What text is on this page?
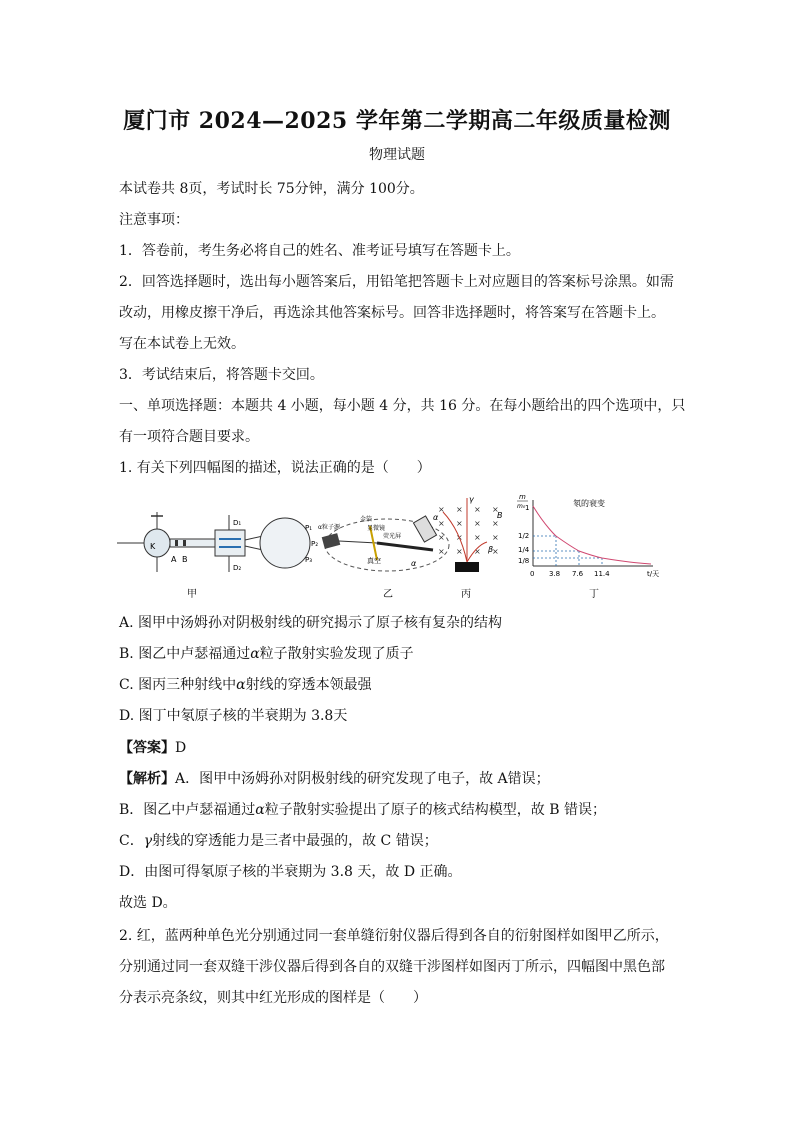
厦门市 2024—2025 学年第二学期高二年级质量检测
物理试题
本试卷共 8页，考试时长 75分钟，满分 100分。
注意事项：
1．答卷前，考生务必将自己的姓名、准考证号填写在答题卡上。
2．回答选择题时，选出每小题答案后，用铅笔把答题卡上对应题目的答案标号涂黑。如需
改动，用橡皮擦干净后，再选涂其他答案标号。回答非选择题时，将答案写在答题卡上。
写在本试卷上无效。
3．考试结束后，将答题卡交回。
一、单项选择题：本题共 4 小题，每小题 4 分，共 16 分。在每小题给出的四个选项中，只
有一项符合题目要求。
1. 有关下列四幅图的描述，说法正确的是（　　）
K
A B
D₁
D₂
P₁
P₂
P₃
甲
α粒子源
金箔
显微镜
荧光屏
真空	α
乙
× × × ×
× × × ×
× × × ×
× × × ×
γ
α
β
B
丙
m
m₀	氡的衰变
1
1/2
1/4
1/8
0 3.8 7.6 11.4	t/天
丁
A. 图甲中汤姆孙对阴极射线的研究揭示了原子核有复杂的结构
B. 图乙中卢瑟福通过α粒子散射实验发现了质子
C. 图丙三种射线中α射线的穿透本领最强
D. 图丁中氡原子核的半衰期为 3.8天
【答案】D
【解析】A．图甲中汤姆孙对阴极射线的研究发现了电子，故 A错误；
B．图乙中卢瑟福通过α粒子散射实验提出了原子的核式结构模型，故 B 错误；
C．γ射线的穿透能力是三者中最强的，故 C 错误；
D．由图可得氡原子核的半衰期为 3.8 天，故 D 正确。
故选 D。
2. 红，蓝两种单色光分别通过同一套单缝衍射仪器后得到各自的衍射图样如图甲乙所示，
分别通过同一套双缝干涉仪器后得到各自的双缝干涉图样如图丙丁所示，四幅图中黑色部
分表示亮条纹，则其中红光形成的图样是（　　）
